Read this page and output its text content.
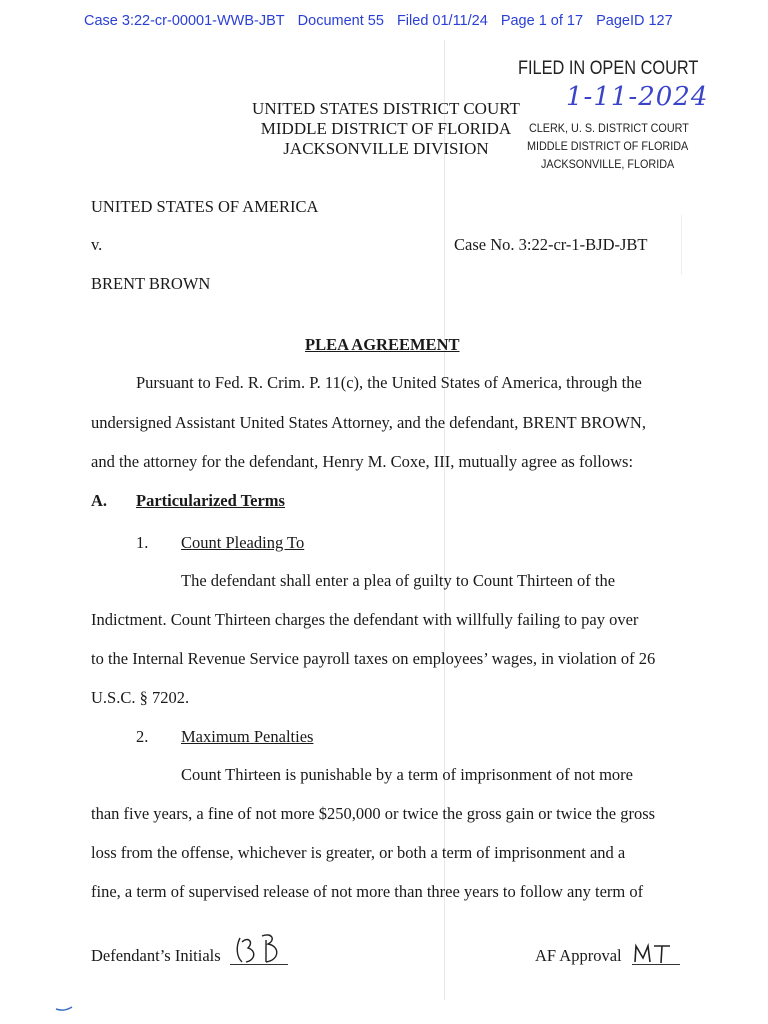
Case 3:22-cr-00001-WWB-JBT Document 55 Filed 01/11/24 Page 1 of 17 PageID 127
FILED IN OPEN COURT
1-11-2024
CLERK, U. S. DISTRICT COURT
MIDDLE DISTRICT OF FLORIDA
JACKSONVILLE, FLORIDA
UNITED STATES DISTRICT COURT
MIDDLE DISTRICT OF FLORIDA
JACKSONVILLE DIVISION
UNITED STATES OF AMERICA
v.	Case No. 3:22-cr-1-BJD-JBT
BRENT BROWN
PLEA AGREEMENT
Pursuant to Fed. R. Crim. P. 11(c), the United States of America, through the
undersigned Assistant United States Attorney, and the defendant, BRENT BROWN,
and the attorney for the defendant, Henry M. Coxe, III, mutually agree as follows:
A. Particularized Terms
1. Count Pleading To
The defendant shall enter a plea of guilty to Count Thirteen of the
Indictment. Count Thirteen charges the defendant with willfully failing to pay over
to the Internal Revenue Service payroll taxes on employees’ wages, in violation of 26
U.S.C. § 7202.
2. Maximum Penalties
Count Thirteen is punishable by a term of imprisonment of not more
than five years, a fine of not more $250,000 or twice the gross gain or twice the gross
loss from the offense, whichever is greater, or both a term of imprisonment and a
fine, a term of supervised release of not more than three years to follow any term of
Defendant’s Initials	AF Approval
